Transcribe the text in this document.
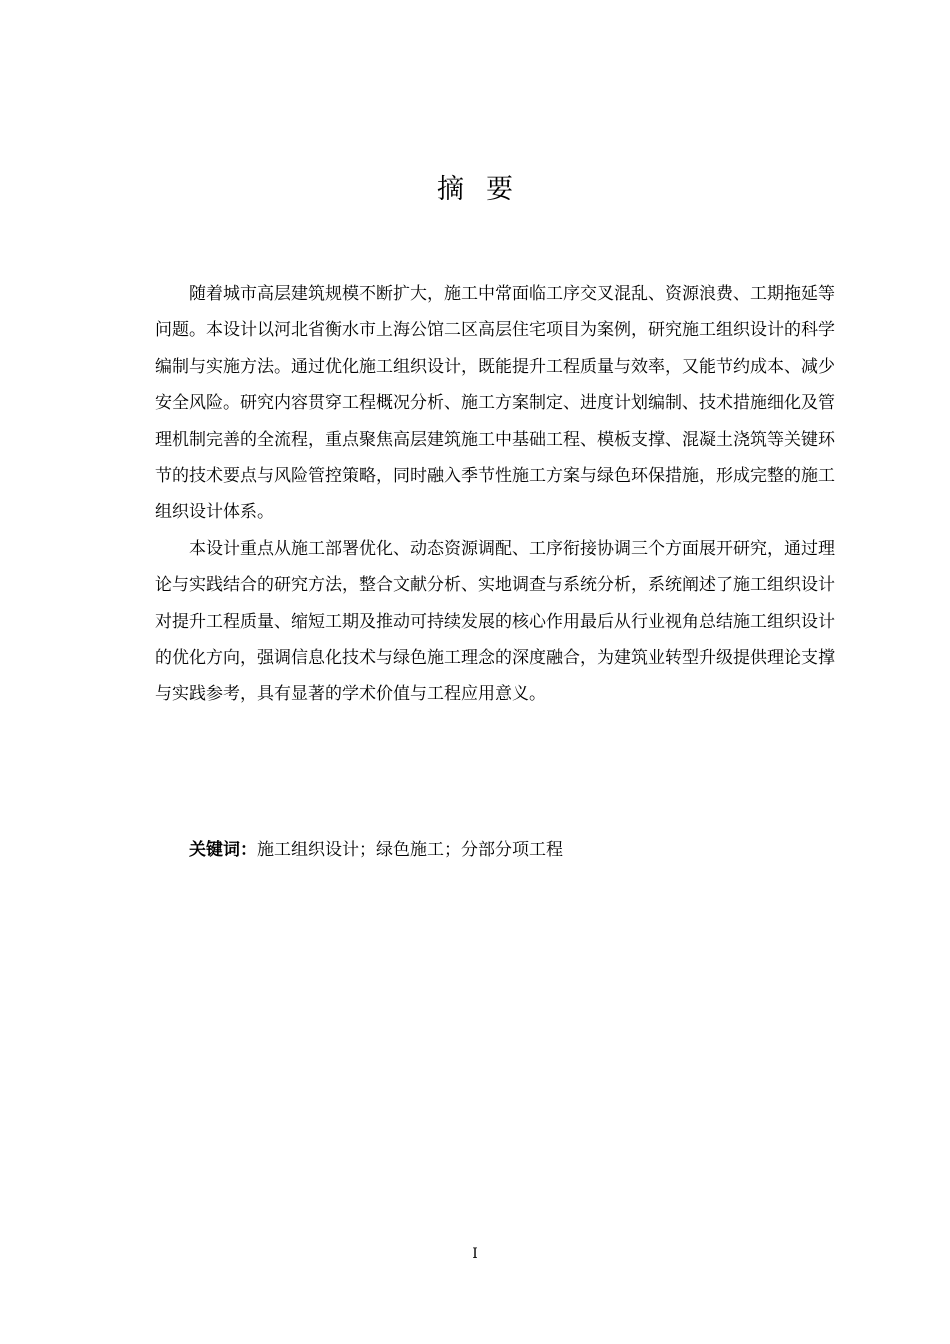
摘要

随着城市高层建筑规模不断扩大，施工中常面临工序交叉混乱、资源浪费、工期拖延等问题。本设计以河北省衡水市上海公馆二区高层住宅项目为案例，研究施工组织设计的科学编制与实施方法。通过优化施工组织设计，既能提升工程质量与效率，又能节约成本、减少安全风险。研究内容贯穿工程概况分析、施工方案制定、进度计划编制、技术措施细化及管理机制完善的全流程，重点聚焦高层建筑施工中基础工程、模板支撑、混凝土浇筑等关键环节的技术要点与风险管控策略，同时融入季节性施工方案与绿色环保措施，形成完整的施工组织设计体系。

本设计重点从施工部署优化、动态资源调配、工序衔接协调三个方面展开研究，通过理论与实践结合的研究方法，整合文献分析、实地调查与系统分析，系统阐述了施工组织设计对提升工程质量、缩短工期及推动可持续发展的核心作用最后从行业视角总结施工组织设计的优化方向，强调信息化技术与绿色施工理念的深度融合，为建筑业转型升级提供理论支撑与实践参考，具有显著的学术价值与工程应用意义。

关键词：施工组织设计；绿色施工；分部分项工程
I
